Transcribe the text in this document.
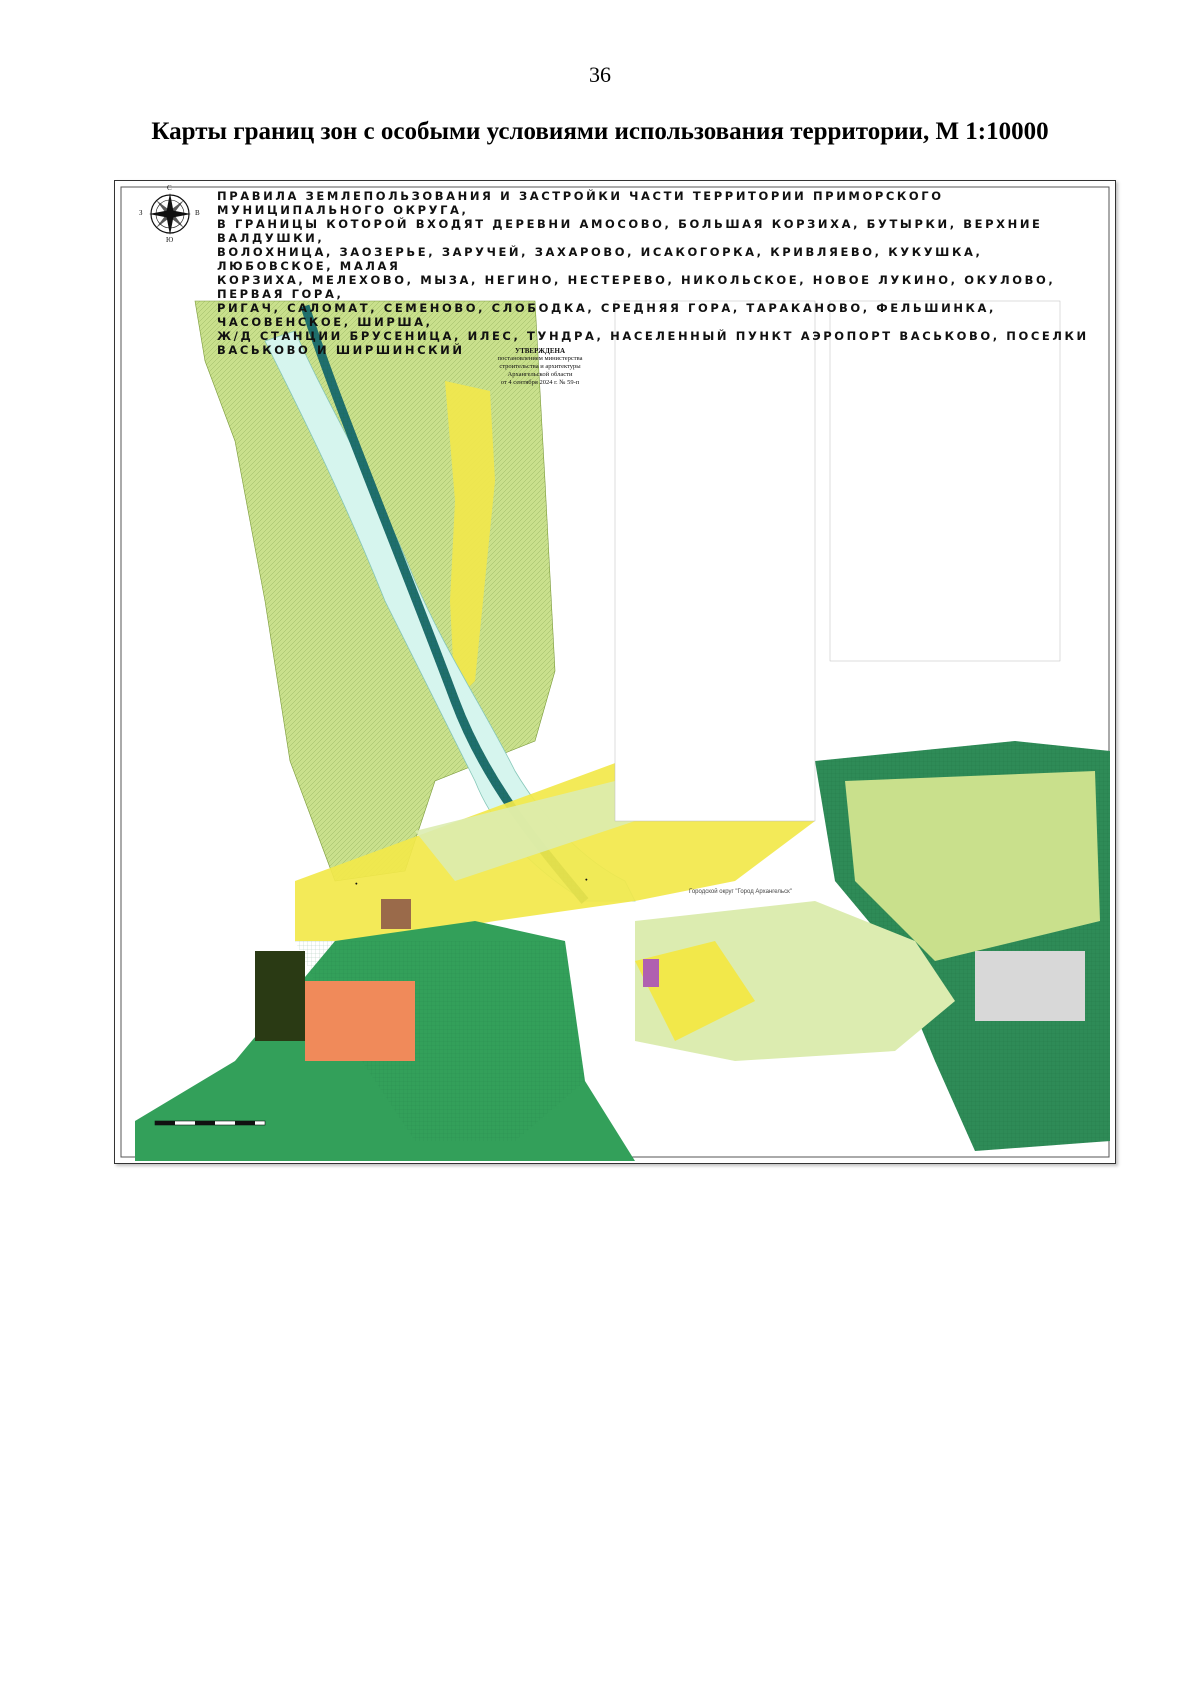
36
Карты границ зон с особыми условиями использования территории, М 1:10000
●
●
Городской округ "Город Архангельск"
С
В
Ю
З
ПРАВИЛА ЗЕМЛЕПОЛЬЗОВАНИЯ И ЗАСТРОЙКИ ЧАСТИ ТЕРРИТОРИИ ПРИМОРСКОГО МУНИЦИПАЛЬНОГО ОКРУГА,
В ГРАНИЦЫ КОТОРОЙ ВХОДЯТ ДЕРЕВНИ АМОСОВО, БОЛЬШАЯ КОРЗИХА, БУТЫРКИ, ВЕРХНИЕ ВАЛДУШКИ,
ВОЛОХНИЦА, ЗАОЗЕРЬЕ, ЗАРУЧЕЙ, ЗАХАРОВО, ИСАКОГОРКА, КРИВЛЯЕВО, КУКУШКА, ЛЮБОВСКОЕ, МАЛАЯ
КОРЗИХА, МЕЛЕХОВО, МЫЗА, НЕГИНО, НЕСТЕРЕВО, НИКОЛЬСКОЕ, НОВОЕ ЛУКИНО, ОКУЛОВО, ПЕРВАЯ ГОРА,
РИГАЧ, САЛОМАТ, СЕМЕНОВО, СЛОБОДКА, СРЕДНЯЯ ГОРА, ТАРАКАНОВО, ФЕЛЬШИНКА, ЧАСОВЕНСКОЕ, ШИРША,
Ж/Д СТАНЦИИ БРУСЕНИЦА, ИЛЕС, ТУНДРА, НАСЕЛЕННЫЙ ПУНКТ АЭРОПОРТ ВАСЬКОВО, ПОСЕЛКИ
ВАСЬКОВО И ШИРШИНСКИЙ	УТВЕРЖДЕНА
постановлением министерства
строительства и архитектуры
Архангельской области
от 4 сентября 2024 г. № 59-п
